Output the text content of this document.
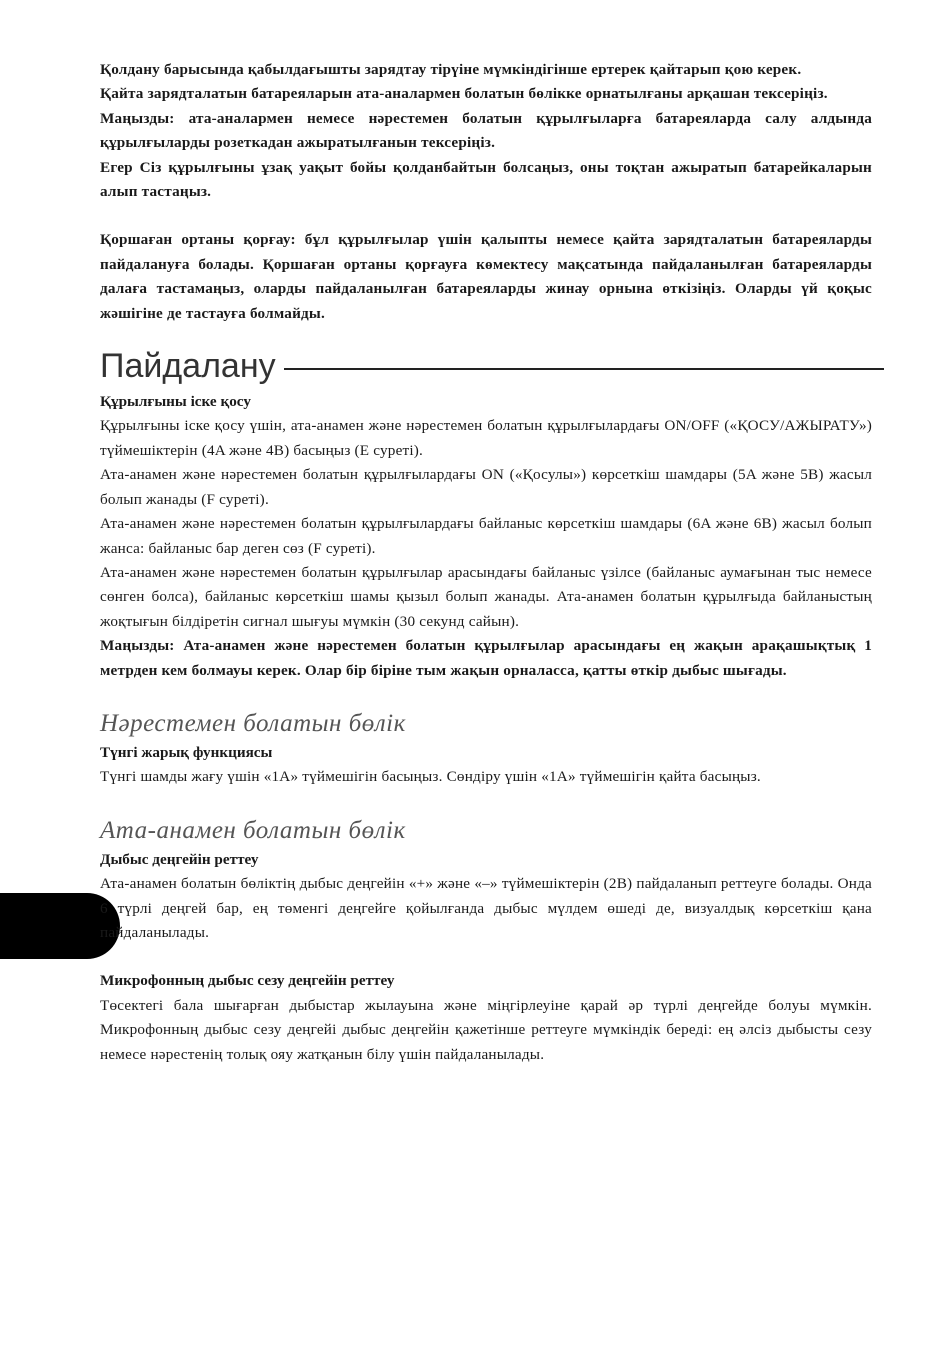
Қолдану барысында қабылдағышты зарядтау тірүіне мүмкіндігінше ертерек қайтарып қою керек.

Қайта зарядталатын батареяларын ата-аналармен болатын бөлікке орнатылғаны арқашан тексеріңіз.

Маңызды: ата-аналармен немесе нәрестемен болатын құрылғыларға батареяларда салу алдында құрылғыларды розеткадан ажыратылғанын тексеріңіз.

Егер Сіз құрылғыны ұзақ уақыт бойы қолданбайтын болсаңыз, оны тоқтан ажыратып батарейкаларын алып тастаңыз.

Қоршаған ортаны қорғау: бұл құрылғылар үшін қалыпты немесе қайта зарядталатын батареяларды пайдалануға болады. Қоршаған ортаны қорғауға көмектесу мақсатында пайдаланылған батареяларды далаға тастамаңыз, оларды пайдаланылған батареяларды жинау орнына өткізіңіз. Оларды үй қоқыс жәшігіне де тастауға болмайды.

Пайдалану
Құрылғыны іске қосу

Құрылғыны іске қосу үшін, ата-анамен және нәрестемен болатын құрылғылардағы ON/OFF («ҚОСУ/АЖЫРАТУ») түймешіктерін (4A және 4B) басыңыз (E суреті).

Ата-анамен және нәрестемен болатын құрылғылардағы ON («Қосулы») көрсеткіш шамдары (5A және 5B) жасыл болып жанады (F суреті).

Ата-анамен және нәрестемен болатын құрылғылардағы байланыс көрсеткіш шамдары (6A және 6B) жасыл болып жанса: байланыс бар деген сөз (F суреті).

Ата-анамен және нәрестемен болатын құрылғылар арасындағы байланыс үзілсе (байланыс аумағынан тыс немесе сөнген болса), байланыс көрсеткіш шамы қызыл болып жанады. Ата-анамен болатын құрылғыда байланыстың жоқтығын білдіретін сигнал шығуы мүмкін (30 секунд сайын).

Маңызды: Ата-анамен және нәрестемен болатын құрылғылар арасындағы ең жақын арақашықтық 1 метрден кем болмауы керек. Олар бір біріне тым жақын орналасса, қатты өткір дыбыс шығады.

Нәрестемен болатын бөлік
Түнгі жарық функциясы

Түнгі шамды жағу үшін «1A» түймешігін басыңыз. Сөндіру үшін «1A» түймешігін қайта басыңыз.

Ата-анамен болатын бөлік
Дыбыс деңгейін реттеу

Ата-анамен болатын бөліктің дыбыс деңгейін «+» және «–» түймешіктерін (2B) пайдаланып реттеуге болады. Онда 6 түрлі деңгей бар, ең төменгі деңгейге қойылғанда дыбыс мүлдем өшеді де, визуалдық көрсеткіш қана пайдаланылады.

Микрофонның дыбыс сезу деңгейін реттеу

Төсектегі бала шығарған дыбыстар жылауына және міңгірлеуіне қарай әр түрлі деңгейде болуы мүмкін. Микрофонның дыбыс сезу деңгейі дыбыс деңгейін қажетінше реттеуге мүмкіндік береді: ең әлсіз дыбысты сезу немесе нәрестенің толық ояу жатқанын білу үшін пайдаланылады.
